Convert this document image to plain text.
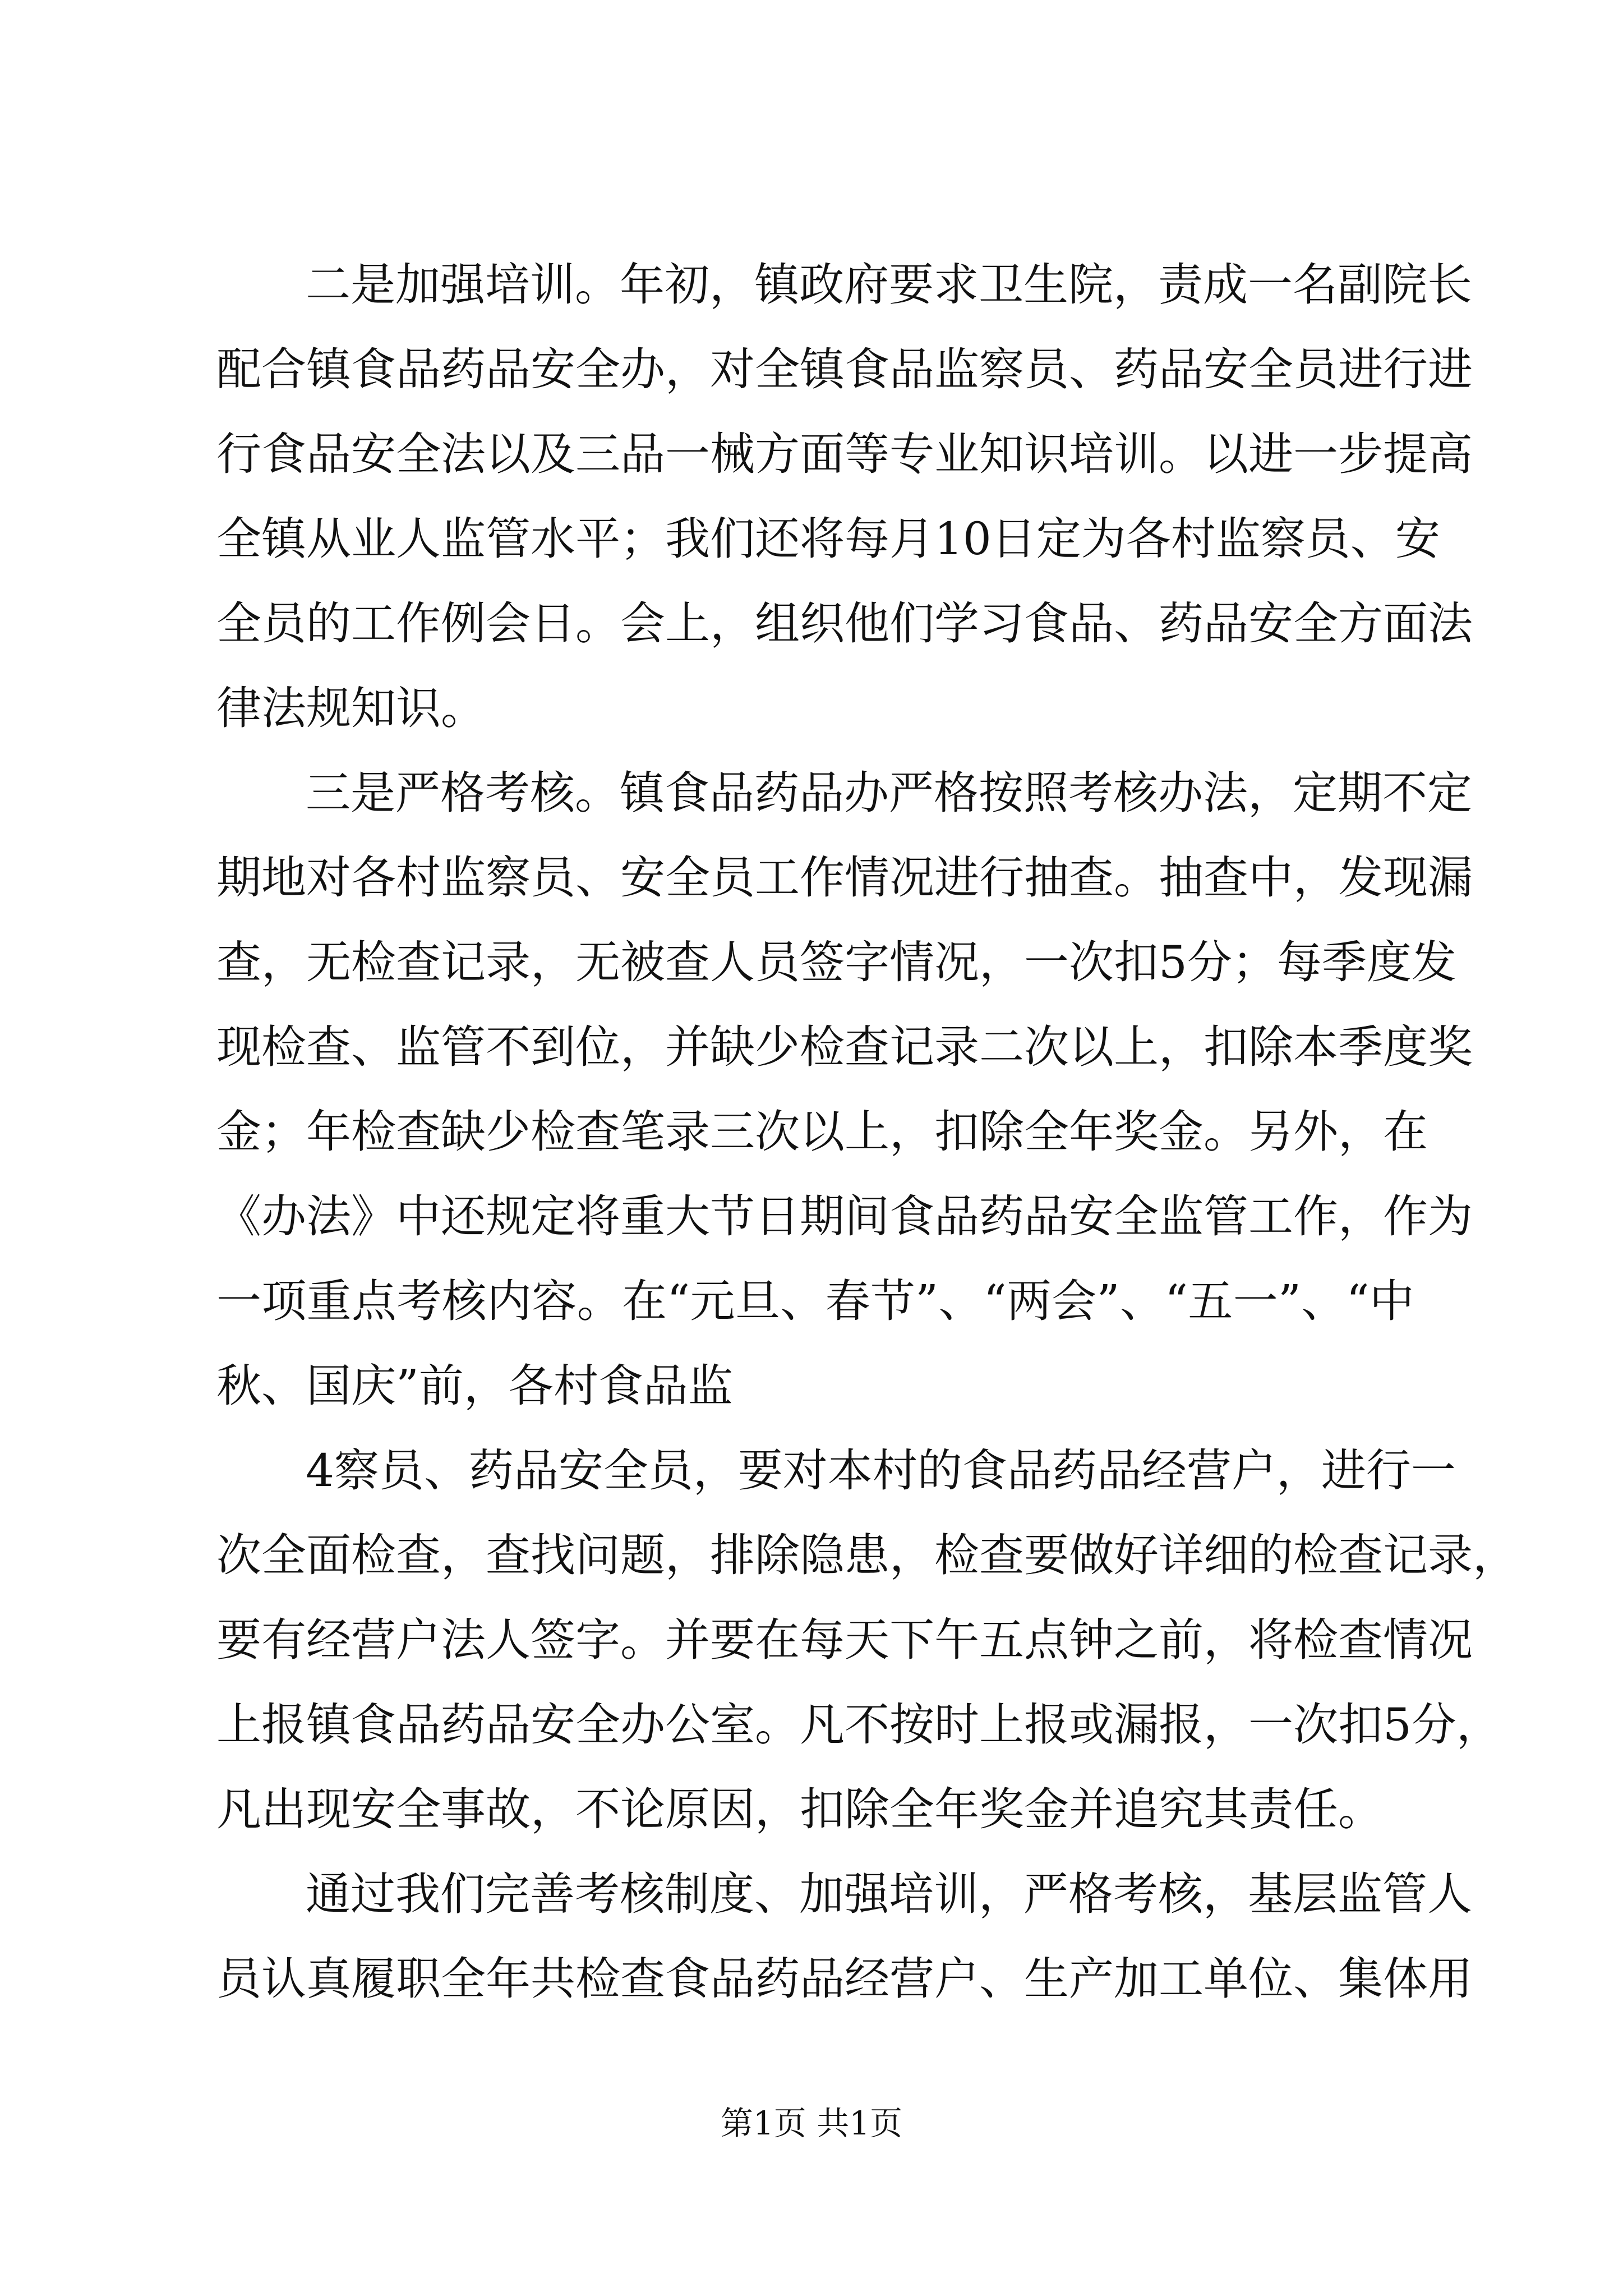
二 是 加 强 培 训 。 年 初 ， 镇 政 府 要 求 卫 生 院 ， 责 成 一 名 副 院 长
配 合 镇 食 品 药 品 安 全 办 ， 对 全 镇 食 品 监 察 员 、 药 品 安 全 员 进 行 进
行 食 品 安 全 法 以 及 三 品 一 械 方 面 等 专 业 知 识 培 训 。 以 进 一 步 提 高
全 镇 从 业 人 监 管 水 平 ； 我 们 还 将 每 月 10 日 定 为 各 村 监 察 员 、 安
全 员 的 工 作 例 会 日 。 会 上 ， 组 织 他 们 学 习 食 品 、 药 品 安 全 方 面 法
律法规知识。
三 是 严 格 考 核 。 镇 食 品 药 品 办 严 格 按 照 考 核 办 法 ， 定 期 不 定
期 地 对 各 村 监 察 员 、 安 全 员 工 作 情 况 进 行 抽 查 。 抽 查 中 ， 发 现 漏
查 ， 无 检 查 记 录 ， 无 被 查 人 员 签 字 情 况 ， 一 次 扣 5 分 ； 每 季 度 发
现 检 查 、 监 管 不 到 位 ， 并 缺 少 检 查 记 录 二 次 以 上 ， 扣 除 本 季 度 奖
金 ； 年 检 查 缺 少 检 查 笔 录 三 次 以 上 ， 扣 除 全 年 奖 金 。 另 外 ， 在
《 办 法 》 中 还 规 定 将 重 大 节 日 期 间 食 品 药 品 安 全 监 管 工 作 ， 作 为
一 项 重 点 考 核 内 容 。 在 “ 元 旦 、 春 节 ” 、 “ 两 会 ” 、 “ 五 一 ” 、 “ 中
秋、国庆”前，各村食品监
4 察 员 、 药 品 安 全 员 ， 要 对 本 村 的 食 品 药 品 经 营 户 ， 进 行 一
次 全 面 检 查 ， 查 找 问 题 ， 排 除 隐 患 ， 检 查 要 做 好 详 细 的 检 查 记 录 ，
要 有 经 营 户 法 人 签 字 。 并 要 在 每 天 下 午 五 点 钟 之 前 ， 将 检 查 情 况
上 报 镇 食 品 药 品 安 全 办 公 室 。 凡 不 按 时 上 报 或 漏 报 ， 一 次 扣 5 分 ，
凡出现安全事故，不论原因，扣除全年奖金并追究其责任。
通 过 我 们 完 善 考 核 制 度 、 加 强 培 训 ， 严 格 考 核 ， 基 层 监 管 人
员 认 真 履 职 全 年 共 检 查 食 品 药 品 经 营 户 、 生 产 加 工 单 位 、 集 体 用
第1页 共1页
